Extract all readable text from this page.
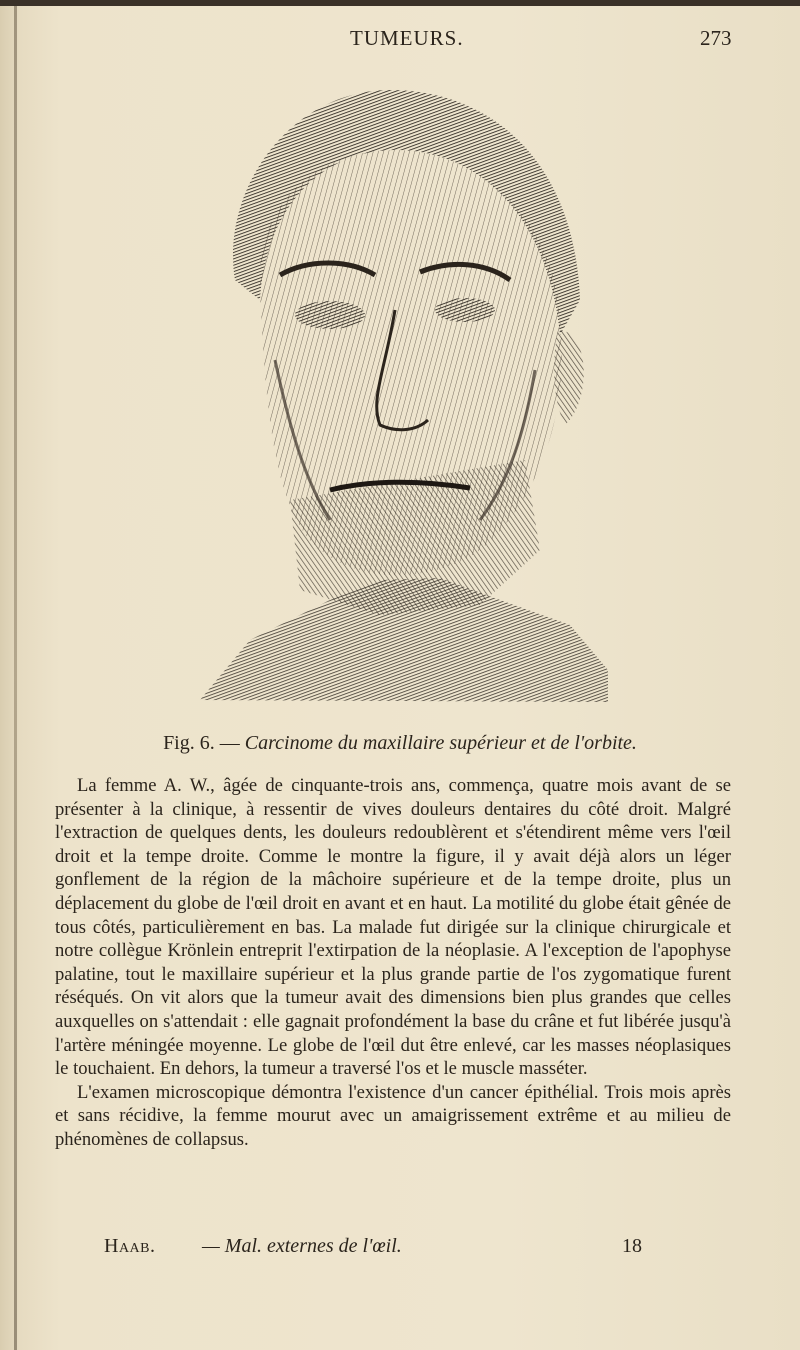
TUMEURS.	273
Fig. 6. — Carcinome du maxillaire supérieur et de l'orbite.

La femme A. W., âgée de cinquante-trois ans, commença, quatre mois avant de se présenter à la clinique, à ressentir de vives douleurs dentaires du côté droit. Malgré l'extraction de quelques dents, les douleurs redoublèrent et s'étendirent même vers l'œil droit et la tempe droite. Comme le montre la figure, il y avait déjà alors un léger gonflement de la région de la mâchoire supérieure et de la tempe droite, plus un déplacement du globe de l'œil droit en avant et en haut. La motilité du globe était gênée de tous côtés, particulièrement en bas. La malade fut dirigée sur la clinique chirurgicale et notre collègue Krönlein entreprit l'extirpation de la néoplasie. A l'exception de l'apophyse palatine, tout le maxillaire supérieur et la plus grande partie de l'os zygomatique furent réséqués. On vit alors que la tumeur avait des dimensions bien plus grandes que celles auxquelles on s'attendait : elle gagnait profondément la base du crâne et fut libérée jusqu'à l'artère méningée moyenne. Le globe de l'œil dut être enlevé, car les masses néoplasiques le touchaient. En dehors, la tumeur a traversé l'os et le muscle masséter.

L'examen microscopique démontra l'existence d'un cancer épithélial. Trois mois après et sans récidive, la femme mourut avec un amaigrissement extrême et au milieu de phénomènes de collapsus.

Haab. — Mal. externes de l'œil.	18
